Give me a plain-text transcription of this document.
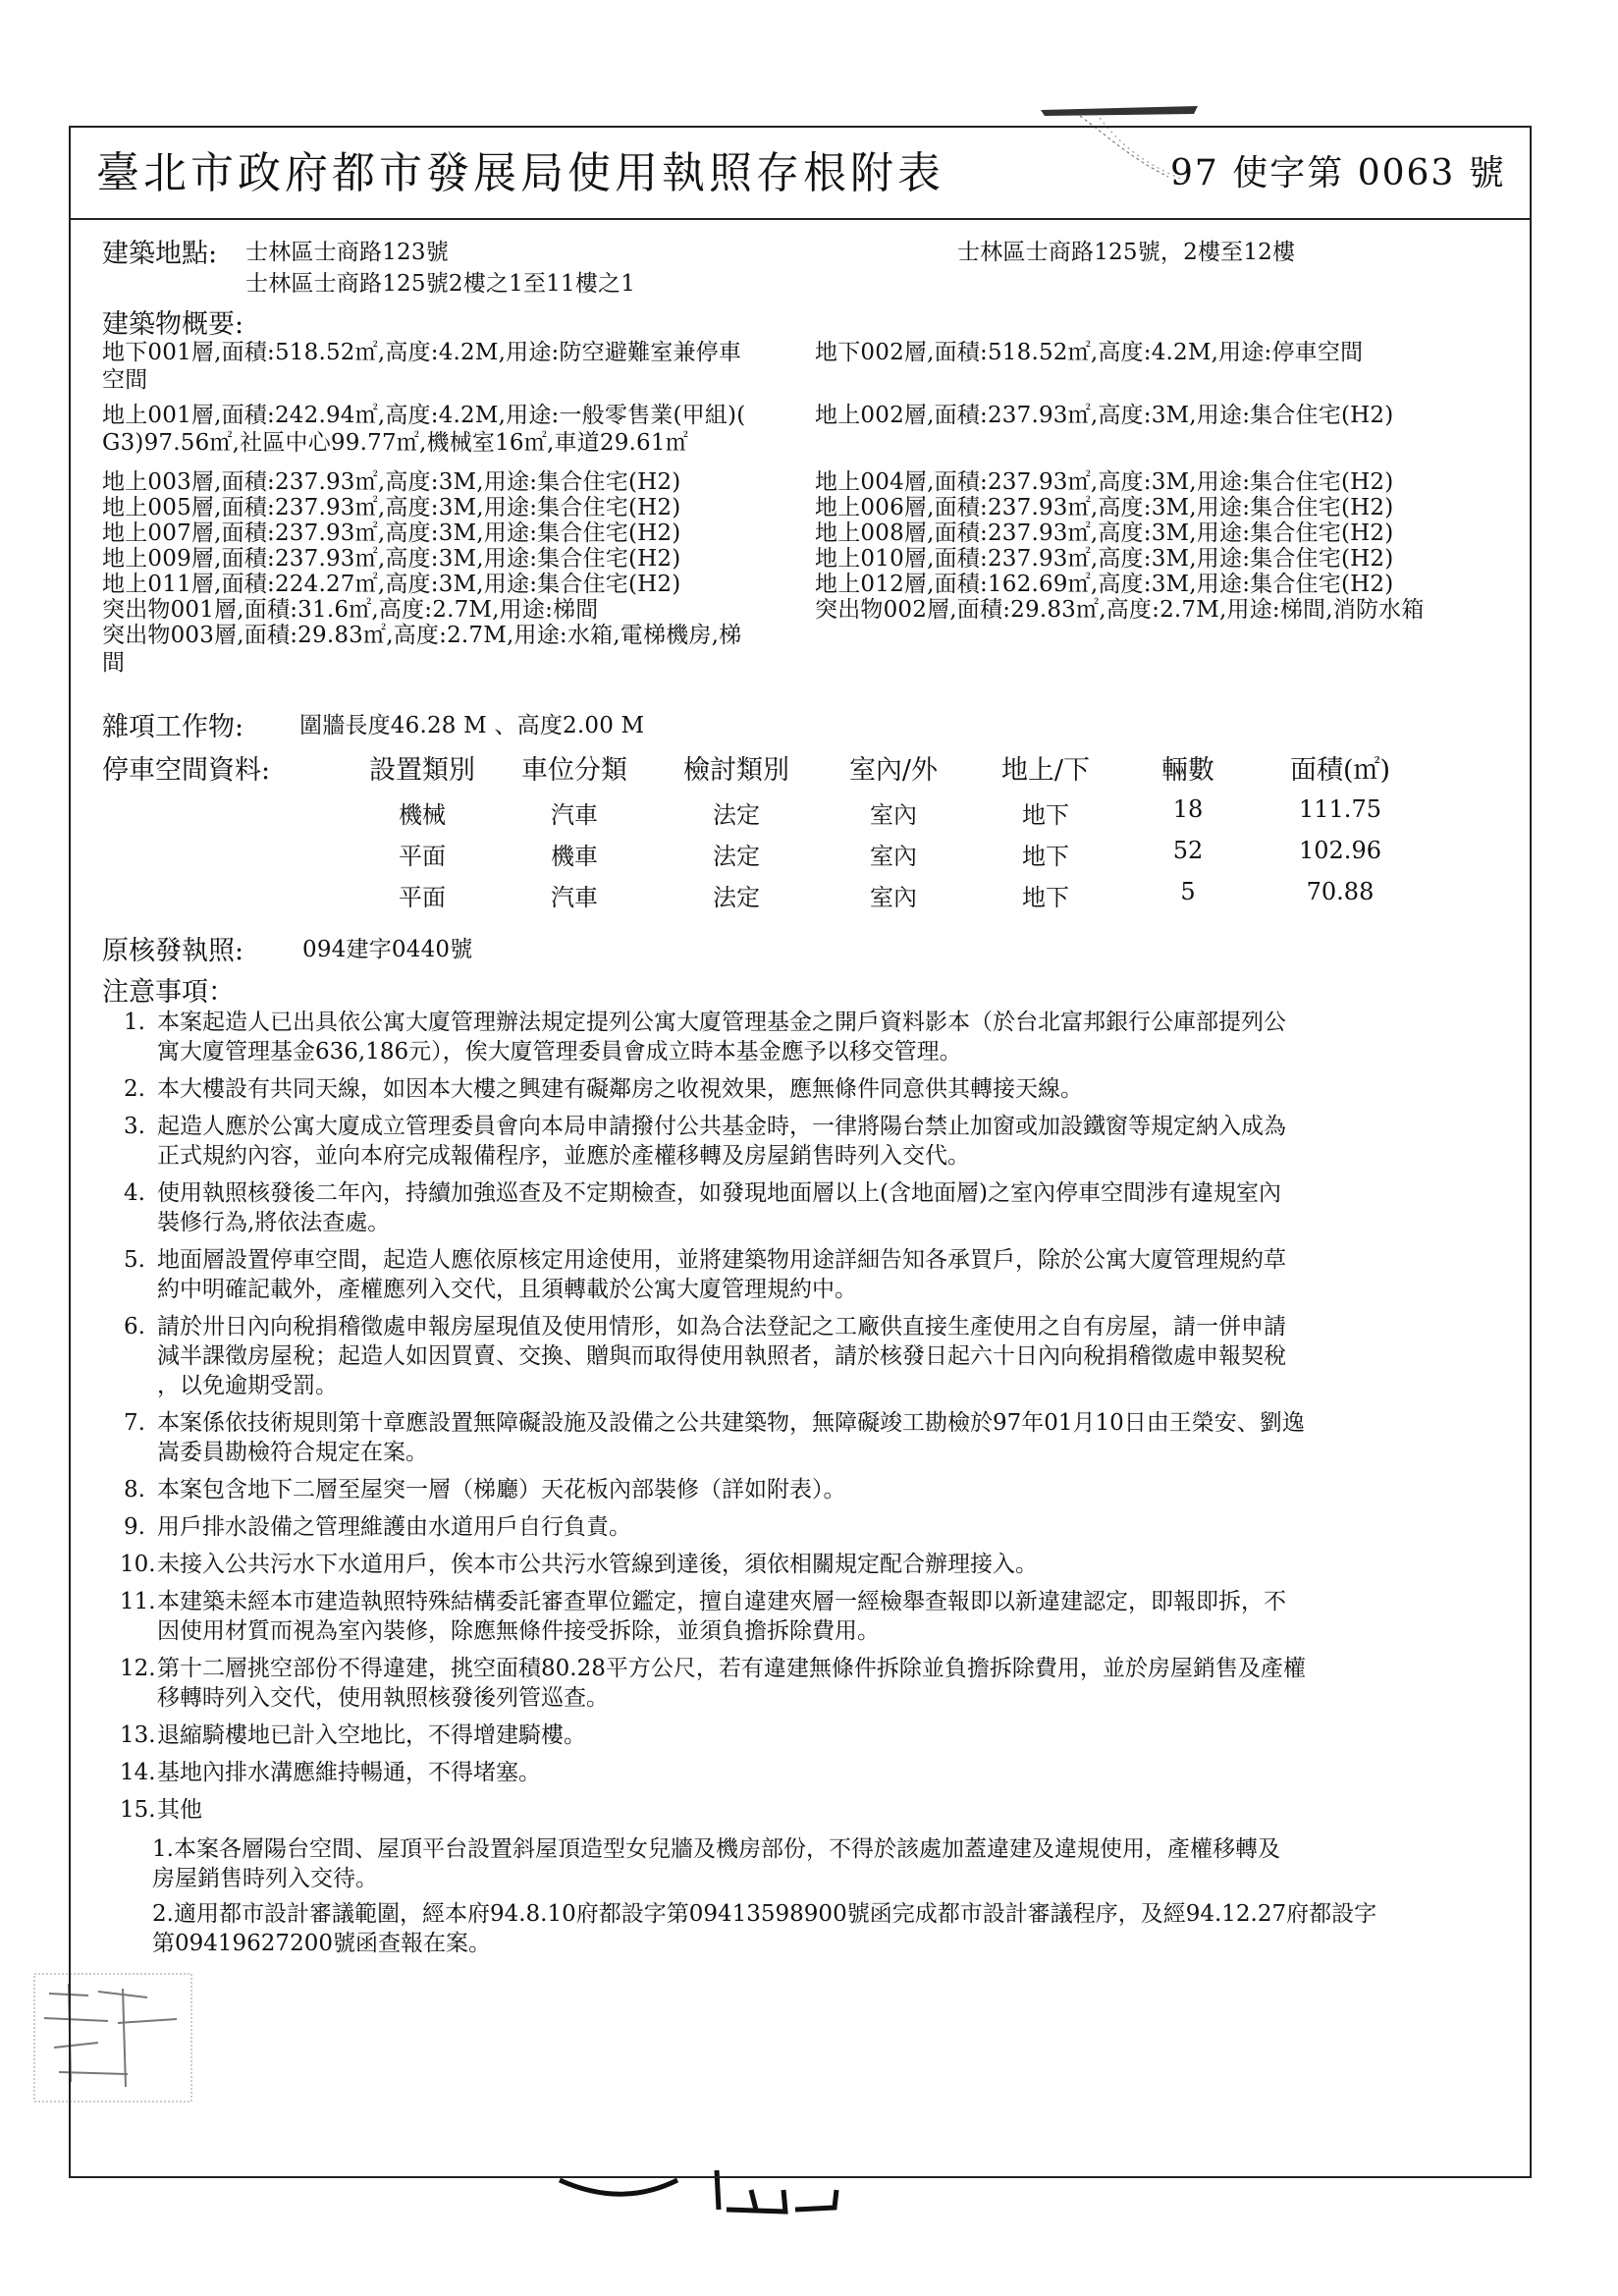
臺北市政府都市發展局使用執照存根附表	97 使字第 0063 號
建築地點: 士林區士商路123號
士林區士商路125號2樓之1至11樓之1
士林區士商路125號，2樓至12樓
建築物概要:
地下001層,面積:518.52㎡,高度:4.2M,用途:防空避難室兼停車
空間
地下002層,面積:518.52㎡,高度:4.2M,用途:停車空間
地上001層,面積:242.94㎡,高度:4.2M,用途:一般零售業(甲組)(
G3)97.56㎡,社區中心99.77㎡,機械室16㎡,車道29.61㎡
地上002層,面積:237.93㎡,高度:3M,用途:集合住宅(H2)
地上003層,面積:237.93㎡,高度:3M,用途:集合住宅(H2)	地上004層,面積:237.93㎡,高度:3M,用途:集合住宅(H2)
地上005層,面積:237.93㎡,高度:3M,用途:集合住宅(H2)	地上006層,面積:237.93㎡,高度:3M,用途:集合住宅(H2)
地上007層,面積:237.93㎡,高度:3M,用途:集合住宅(H2)	地上008層,面積:237.93㎡,高度:3M,用途:集合住宅(H2)
地上009層,面積:237.93㎡,高度:3M,用途:集合住宅(H2)	地上010層,面積:237.93㎡,高度:3M,用途:集合住宅(H2)
地上011層,面積:224.27㎡,高度:3M,用途:集合住宅(H2)	地上012層,面積:162.69㎡,高度:3M,用途:集合住宅(H2)
突出物001層,面積:31.6㎡,高度:2.7M,用途:梯間	突出物002層,面積:29.83㎡,高度:2.7M,用途:梯間,消防水箱
突出物003層,面積:29.83㎡,高度:2.7M,用途:水箱,電梯機房,梯
間
雜項工作物: 圍牆長度46.28 M 、高度2.00 M
停車空間資料:	設置類別	車位分類	檢討類別	室內/外	地上/下	輛數	面積(㎡)
機械	汽車	法定	室內	地下	18	111.75
平面	機車	法定	室內	地下	52	102.96
平面	汽車	法定	室內	地下	5	70.88
原核發執照:	094建字0440號
注意事項：
1. 本案起造人已出具依公寓大廈管理辦法規定提列公寓大廈管理基金之開戶資料影本（於台北富邦銀行公庫部提列公
寓大廈管理基金636,186元），俟大廈管理委員會成立時本基金應予以移交管理。
2. 本大樓設有共同天線，如因本大樓之興建有礙鄰房之收視效果，應無條件同意供其轉接天線。
3. 起造人應於公寓大廈成立管理委員會向本局申請撥付公共基金時，一律將陽台禁止加窗或加設鐵窗等規定納入成為
正式規約內容，並向本府完成報備程序，並應於產權移轉及房屋銷售時列入交代。
4. 使用執照核發後二年內，持續加強巡查及不定期檢查，如發現地面層以上(含地面層)之室內停車空間涉有違規室內
裝修行為,將依法查處。
5. 地面層設置停車空間，起造人應依原核定用途使用，並將建築物用途詳細告知各承買戶，除於公寓大廈管理規約草
約中明確記載外，產權應列入交代，且須轉載於公寓大廈管理規約中。
6. 請於卅日內向稅捐稽徵處申報房屋現值及使用情形，如為合法登記之工廠供直接生產使用之自有房屋，請一併申請
減半課徵房屋稅；起造人如因買賣、交換、贈與而取得使用執照者，請於核發日起六十日內向稅捐稽徵處申報契稅
，以免逾期受罰。
7. 本案係依技術規則第十章應設置無障礙設施及設備之公共建築物，無障礙竣工勘檢於97年01月10日由王榮安、劉逸
嵩委員勘檢符合規定在案。
8. 本案包含地下二層至屋突一層（梯廳）天花板內部裝修（詳如附表）。
9. 用戶排水設備之管理維護由水道用戶自行負責。
10. 未接入公共污水下水道用戶，俟本市公共污水管線到達後，須依相關規定配合辦理接入。
11. 本建築未經本市建造執照特殊結構委託審查單位鑑定，擅自違建夾層一經檢舉查報即以新違建認定，即報即拆，不
因使用材質而視為室內裝修，除應無條件接受拆除，並須負擔拆除費用。
12. 第十二層挑空部份不得違建，挑空面積80.28平方公尺，若有違建無條件拆除並負擔拆除費用，並於房屋銷售及產權
移轉時列入交代，使用執照核發後列管巡查。
13. 退縮騎樓地已計入空地比，不得增建騎樓。
14. 基地內排水溝應維持暢通，不得堵塞。
15. 其他
1.本案各層陽台空間、屋頂平台設置斜屋頂造型女兒牆及機房部份，不得於該處加蓋違建及違規使用，產權移轉及
房屋銷售時列入交待。
2.適用都市設計審議範圍，經本府94.8.10府都設字第09413598900號函完成都市設計審議程序，及經94.12.27府都設字
第09419627200號函查報在案。
